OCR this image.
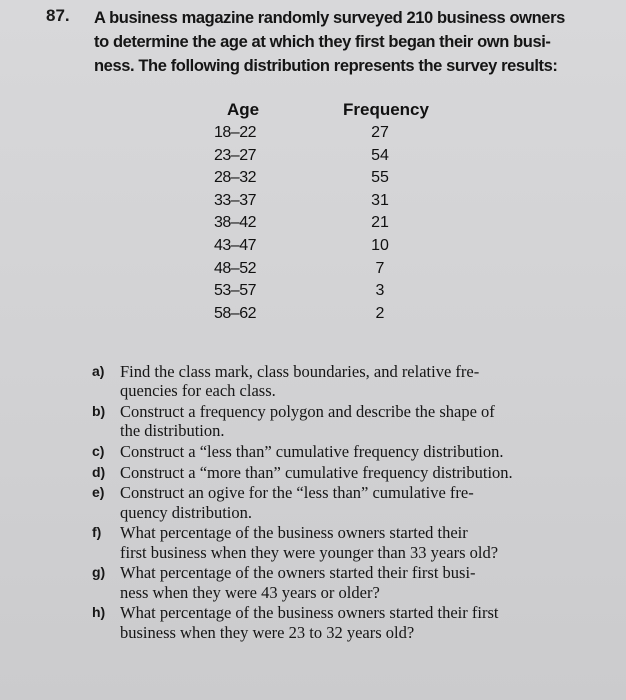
87. A business magazine randomly surveyed 210 business owners
to determine the age at which they first began their own busi-
ness. The following distribution represents the survey results:
Age	Frequency
18–22	27
23–27	54
28–32	55
33–37	31
38–42	21
43–47	10
48–52	7
53–57	3
58–62	2
a) Find the class mark, class boundaries, and relative fre-
quencies for each class.
b) Construct a frequency polygon and describe the shape of
the distribution.
c) Construct a “less than” cumulative frequency distribution.
d) Construct a “more than” cumulative frequency distribution.
e) Construct an ogive for the “less than” cumulative fre-
quency distribution.
f) What percentage of the business owners started their
first business when they were younger than 33 years old?
g) What percentage of the owners started their first busi-
ness when they were 43 years or older?
h) What percentage of the business owners started their first
business when they were 23 to 32 years old?
